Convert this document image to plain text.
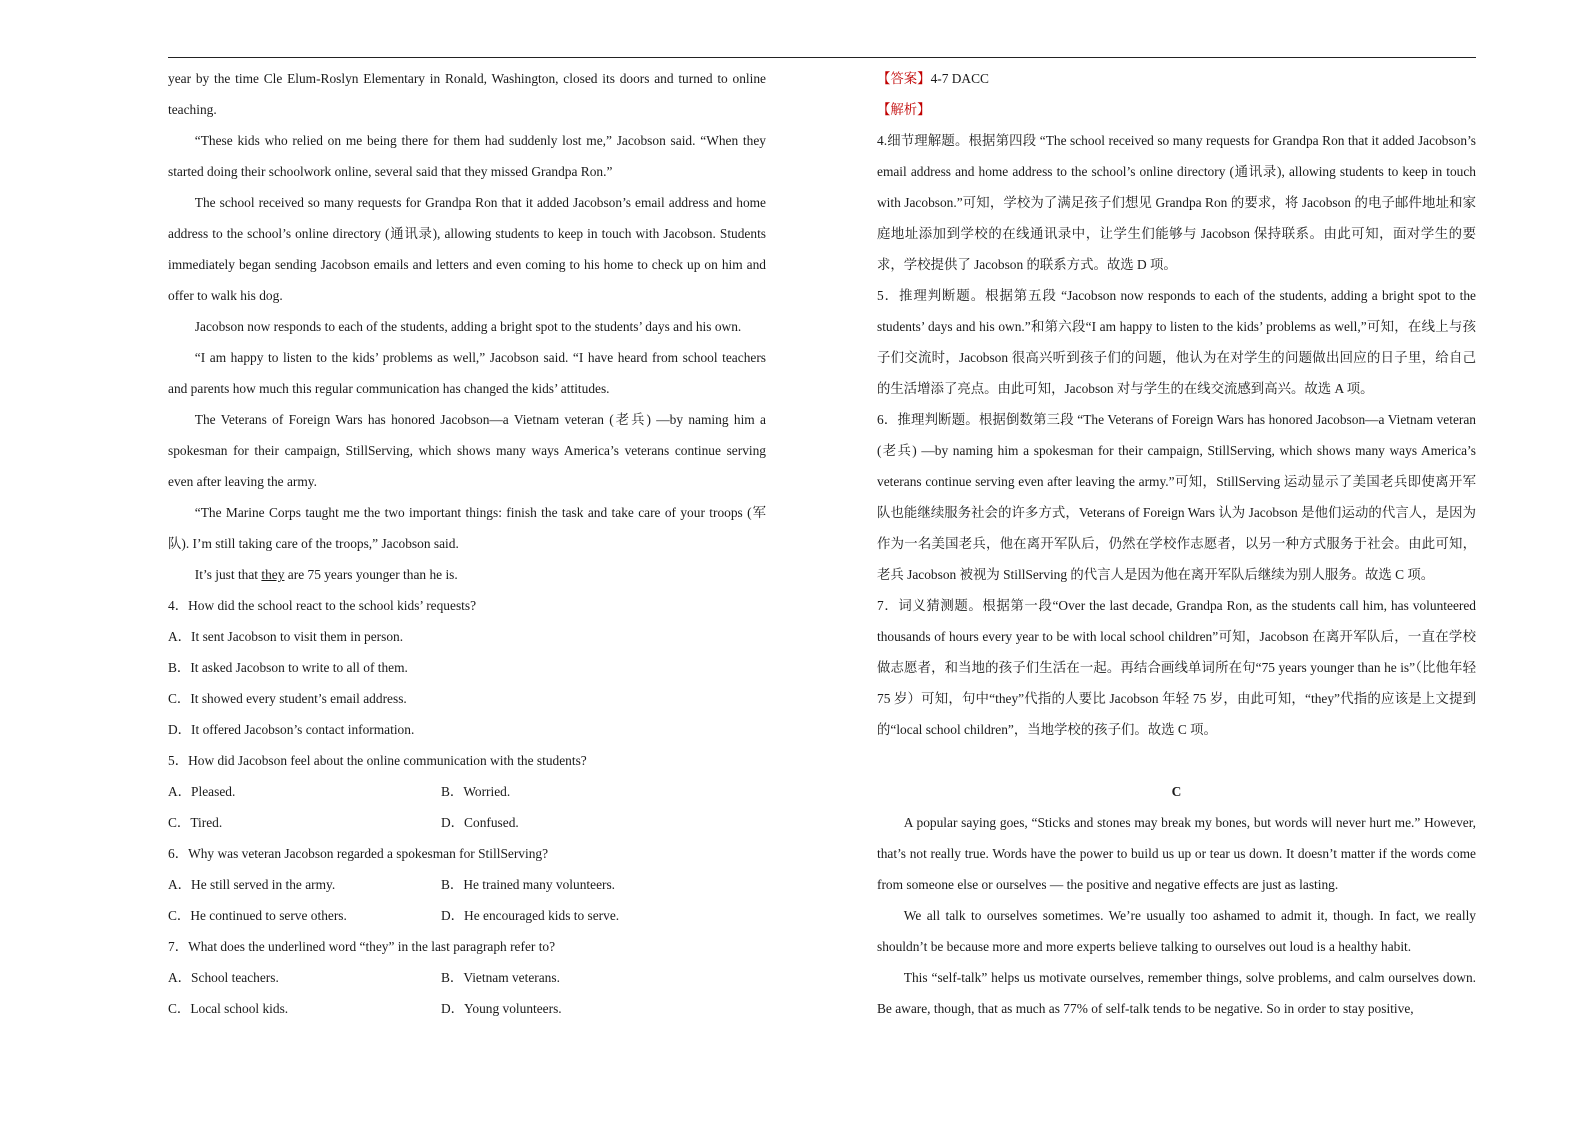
year by the time Cle Elum-Roslyn Elementary in Ronald, Washington, closed its doors and turned to online teaching.

“These kids who relied on me being there for them had suddenly lost me,” Jacobson said. “When they started doing their schoolwork online, several said that they missed Grandpa Ron.”

The school received so many requests for Grandpa Ron that it added Jacobson’s email address and home address to the school’s online directory (通讯录), allowing students to keep in touch with Jacobson. Students immediately began sending Jacobson emails and letters and even coming to his home to check up on him and offer to walk his dog.

Jacobson now responds to each of the students, adding a bright spot to the students’ days and his own.

“I am happy to listen to the kids’ problems as well,” Jacobson said. “I have heard from school teachers and parents how much this regular communication has changed the kids’ attitudes.

The Veterans of Foreign Wars has honored Jacobson—a Vietnam veteran (老兵) —by naming him a spokesman for their campaign, StillServing, which shows many ways America’s veterans continue serving even after leaving the army.

“The Marine Corps taught me the two important things: finish the task and take care of your troops (军队). I’m still taking care of the troops,” Jacobson said.

It’s just that they are 75 years younger than he is.

4．How did the school react to the school kids’ requests?

A．It sent Jacobson to visit them in person.

B．It asked Jacobson to write to all of them.

C．It showed every student’s email address.

D．It offered Jacobson’s contact information.

5．How did Jacobson feel about the online communication with the students?

A．Pleased.	B．Worried.
C．Tired.	D．Confused.

6．Why was veteran Jacobson regarded a spokesman for StillServing?

A．He still served in the army.	B．He trained many volunteers.
C．He continued to serve others.	D．He encouraged kids to serve.

7．What does the underlined word “they” in the last paragraph refer to?

A．School teachers.	B．Vietnam veterans.
C．Local school kids.	D．Young volunteers.

【答案】4-7 DACC

【解析】

4.细节理解题。根据第四段 “The school received so many requests for Grandpa Ron that it added Jacobson’s email address and home address to the school’s online directory (通讯录), allowing students to keep in touch with Jacobson.”可知，学校为了满足孩子们想见 Grandpa Ron 的要求，将 Jacobson 的电子邮件地址和家庭地址添加到学校的在线通讯录中，让学生们能够与 Jacobson 保持联系。由此可知，面对学生的要求，学校提供了 Jacobson 的联系方式。故选 D 项。

5．推理判断题。根据第五段 “Jacobson now responds to each of the students, adding a bright spot to the students’ days and his own.”和第六段“I am happy to listen to the kids’ problems as well,”可知，在线上与孩子们交流时，Jacobson 很高兴听到孩子们的问题，他认为在对学生的问题做出回应的日子里，给自己的生活增添了亮点。由此可知，Jacobson 对与学生的在线交流感到高兴。故选 A 项。

6．推理判断题。根据倒数第三段 “The Veterans of Foreign Wars has honored Jacobson—a Vietnam veteran (老兵) —by naming him a spokesman for their campaign, StillServing, which shows many ways America’s veterans continue serving even after leaving the army.”可知，StillServing 运动显示了美国老兵即使离开军队也能继续服务社会的许多方式，Veterans of Foreign Wars 认为 Jacobson 是他们运动的代言人，是因为作为一名美国老兵，他在离开军队后，仍然在学校作志愿者，以另一种方式服务于社会。由此可知，老兵 Jacobson 被视为 StillServing 的代言人是因为他在离开军队后继续为别人服务。故选 C 项。

7．词义猜测题。根据第一段“Over the last decade, Grandpa Ron, as the students call him, has volunteered thousands of hours every year to be with local school children”可知，Jacobson 在离开军队后，一直在学校做志愿者，和当地的孩子们生活在一起。再结合画线单词所在句“75 years younger than he is”（比他年轻 75 岁）可知，句中“they”代指的人要比 Jacobson 年轻 75 岁，由此可知，“they”代指的应该是上文提到的“local school children”，当地学校的孩子们。故选 C 项。

C

A popular saying goes, “Sticks and stones may break my bones, but words will never hurt me.” However, that’s not really true. Words have the power to build us up or tear us down. It doesn’t matter if the words come from someone else or ourselves — the positive and negative effects are just as lasting.

We all talk to ourselves sometimes. We’re usually too ashamed to admit it, though. In fact, we really shouldn’t be because more and more experts believe talking to ourselves out loud is a healthy habit.

This “self-talk” helps us motivate ourselves, remember things, solve problems, and calm ourselves down. Be aware, though, that as much as 77% of self-talk tends to be negative. So in order to stay positive,
